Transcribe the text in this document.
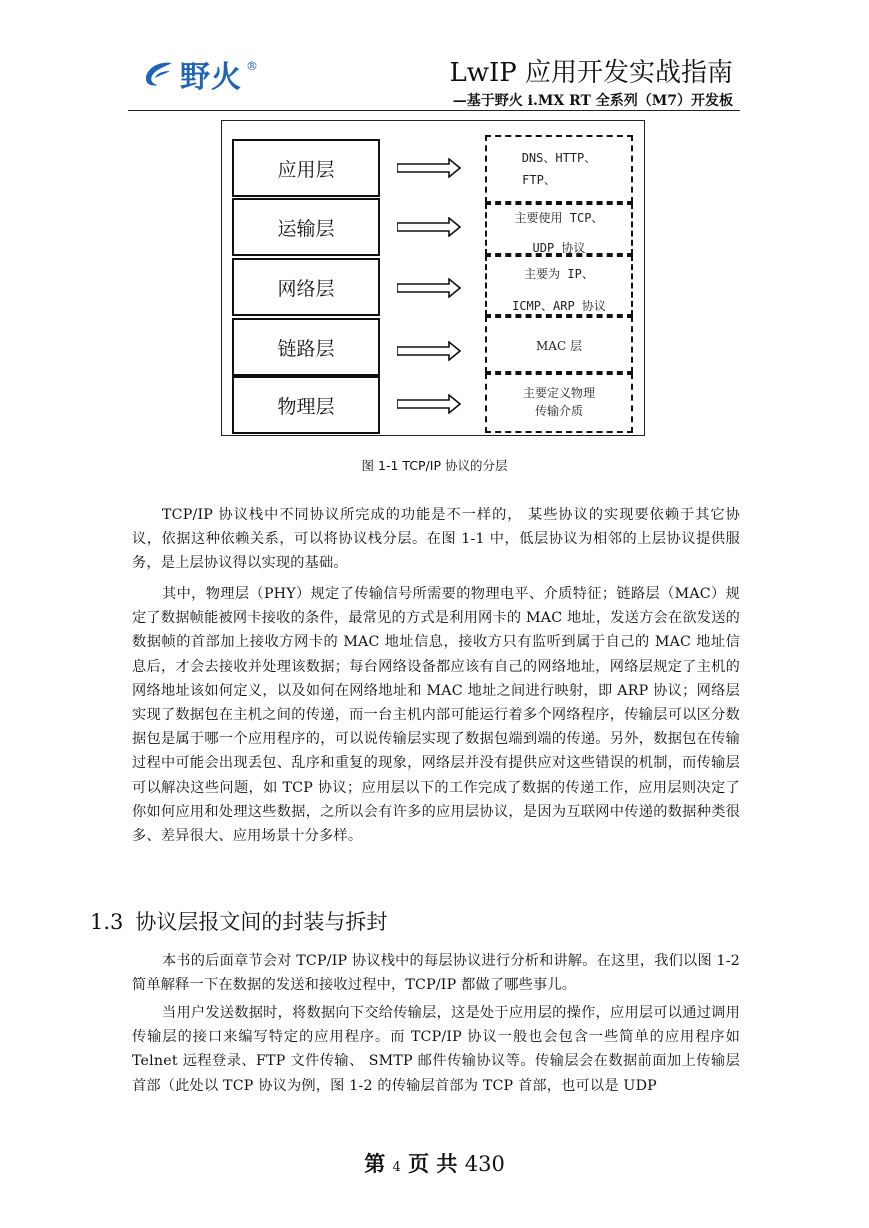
野火 ®	LwIP 应用开发实战指南
—基于野火 i.MX RT 全系列（M7）开发板
应用层
运输层
网络层
链路层
物理层
DNS、HTTP、
FTP、
主要使用 TCP、
UDP 协议
主要为 IP、
ICMP、ARP 协议
MAC 层
主要定义物理
传输介质
图 1-1 TCP/IP 协议的分层
TCP/IP 协议栈中不同协议所完成的功能是不一样的， 某些协议的实现要依赖于其它协议，依据这种依赖关系，可以将协议栈分层。在图 1-1 中，低层协议为相邻的上层协议提供服务，是上层协议得以实现的基础。
其中，物理层（PHY）规定了传输信号所需要的物理电平、介质特征；链路层（MAC）规定了数据帧能被网卡接收的条件，最常见的方式是利用网卡的 MAC 地址，发送方会在欲发送的数据帧的首部加上接收方网卡的 MAC 地址信息，接收方只有监听到属于自己的 MAC 地址信息后，才会去接收并处理该数据；每台网络设备都应该有自己的网络地址，网络层规定了主机的网络地址该如何定义，以及如何在网络地址和 MAC 地址之间进行映射，即 ARP 协议；网络层实现了数据包在主机之间的传递，而一台主机内部可能运行着多个网络程序，传输层可以区分数据包是属于哪一个应用程序的，可以说传输层实现了数据包端到端的传递。另外，数据包在传输过程中可能会出现丢包、乱序和重复的现象，网络层并没有提供应对这些错误的机制，而传输层可以解决这些问题，如 TCP 协议；应用层以下的工作完成了数据的传递工作，应用层则决定了你如何应用和处理这些数据，之所以会有许多的应用层协议，是因为互联网中传递的数据种类很多、差异很大、应用场景十分多样。
1.3 协议层报文间的封装与拆封
本书的后面章节会对 TCP/IP 协议栈中的每层协议进行分析和讲解。在这里，我们以图 1-2 简单解释一下在数据的发送和接收过程中，TCP/IP 都做了哪些事儿。
当用户发送数据时，将数据向下交给传输层，这是处于应用层的操作，应用层可以通过调用传输层的接口来编写特定的应用程序。而 TCP/IP 协议一般也会包含一些简单的应用程序如 Telnet 远程登录、FTP 文件传输、 SMTP 邮件传输协议等。传输层会在数据前面加上传输层首部（此处以 TCP 协议为例，图 1-2 的传输层首部为 TCP 首部，也可以是 UDP
第 4 页 共 430
